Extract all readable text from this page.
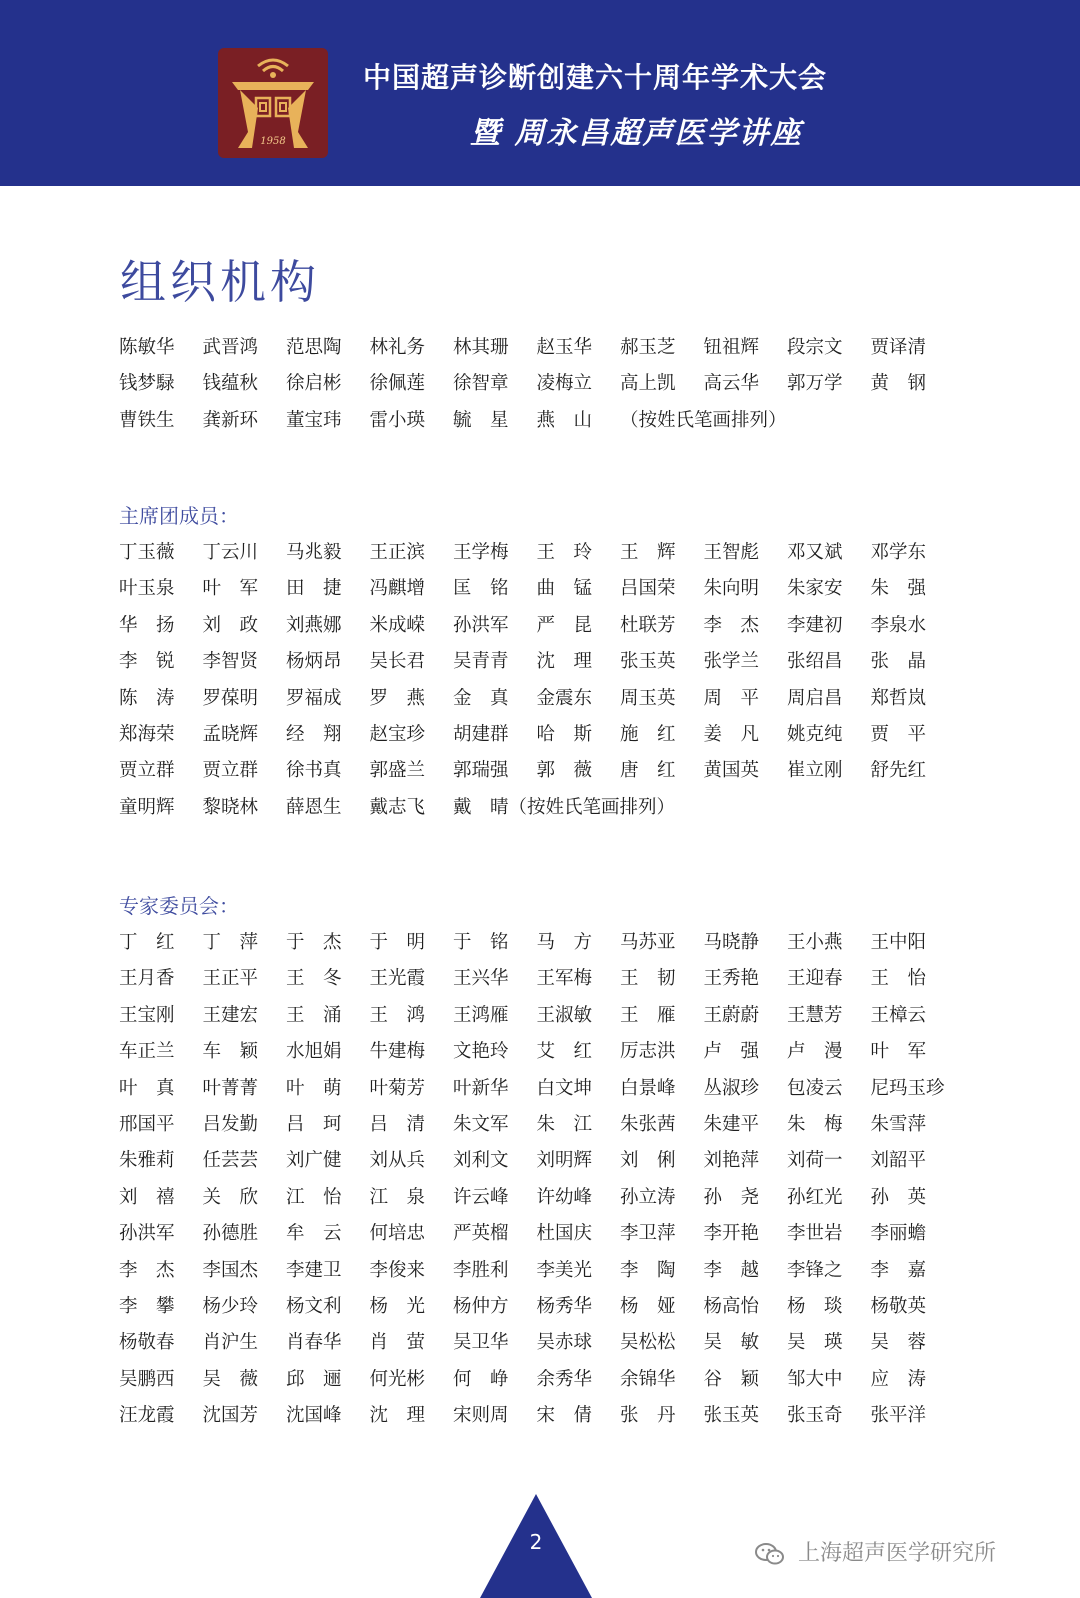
1958
中国超声诊断创建六十周年学术大会
暨 周永昌超声医学讲座
组织机构
陈敏华	武晋鸿	范思陶	林礼务	林其珊	赵玉华	郝玉芝	钮祖辉	段宗文	贾译清
钱梦騄	钱蕴秋	徐启彬	徐佩莲	徐智章	凌梅立	高上凯	高云华	郭万学	黄　钢
曹铁生	龚新环	董宝玮	雷小瑛	毓　星	燕　山	（按姓氏笔画排列）
主席团成员：
丁玉薇	丁云川	马兆毅	王正滨	王学梅	王　玲	王　辉	王智彪	邓又斌	邓学东
叶玉泉	叶　军	田　捷	冯麒增	匡　铭	曲　锰	吕国荣	朱向明	朱家安	朱　强
华　扬	刘　政	刘燕娜	米成嵘	孙洪军	严　昆	杜联芳	李　杰	李建初	李泉水
李　锐	李智贤	杨炳昂	吴长君	吴青青	沈　理	张玉英	张学兰	张绍昌	张　晶
陈　涛	罗葆明	罗福成	罗　燕	金　真	金震东	周玉英	周　平	周启昌	郑哲岚
郑海荣	孟晓辉	经　翔	赵宝珍	胡建群	哈　斯	施　红	姜　凡	姚克纯	贾　平
贾立群	贾立群	徐书真	郭盛兰	郭瑞强	郭　薇	唐　红	黄国英	崔立刚	舒先红
童明辉	黎晓林	薛恩生	戴志飞	戴　晴（按姓氏笔画排列）
专家委员会：
丁　红	丁　萍	于　杰	于　明	于　铭	马　方	马苏亚	马晓静	王小燕	王中阳
王月香	王正平	王　冬	王光霞	王兴华	王军梅	王　韧	王秀艳	王迎春	王　怡
王宝刚	王建宏	王　涌	王　鸿	王鸿雁	王淑敏	王　雁	王蔚蔚	王慧芳	王樟云
车正兰	车　颖	水旭娟	牛建梅	文艳玲	艾　红	厉志洪	卢　强	卢　漫	叶　军
叶　真	叶菁菁	叶　萌	叶菊芳	叶新华	白文坤	白景峰	丛淑珍	包凌云	尼玛玉珍
邢国平	吕发勤	吕　珂	吕　清	朱文军	朱　江	朱张茜	朱建平	朱　梅	朱雪萍
朱雅莉	任芸芸	刘广健	刘从兵	刘利文	刘明辉	刘　俐	刘艳萍	刘荷一	刘韶平
刘　禧	关　欣	江　怡	江　泉	许云峰	许幼峰	孙立涛	孙　尧	孙红光	孙　英
孙洪军	孙德胜	牟　云	何培忠	严英榴	杜国庆	李卫萍	李开艳	李世岩	李丽蟾
李　杰	李国杰	李建卫	李俊来	李胜利	李美光	李　陶	李　越	李锋之	李　嘉
李　攀	杨少玲	杨文利	杨　光	杨仲方	杨秀华	杨　娅	杨高怡	杨　琰	杨敬英
杨敬春	肖沪生	肖春华	肖　萤	吴卫华	吴赤球	吴松松	吴　敏	吴　瑛	吴　蓉
吴鹏西	吴　薇	邱　逦	何光彬	何　峥	余秀华	余锦华	谷　颖	邹大中	应　涛
汪龙霞	沈国芳	沈国峰	沈　理	宋则周	宋　倩	张　丹	张玉英	张玉奇	张平洋
2	上海超声医学研究所
